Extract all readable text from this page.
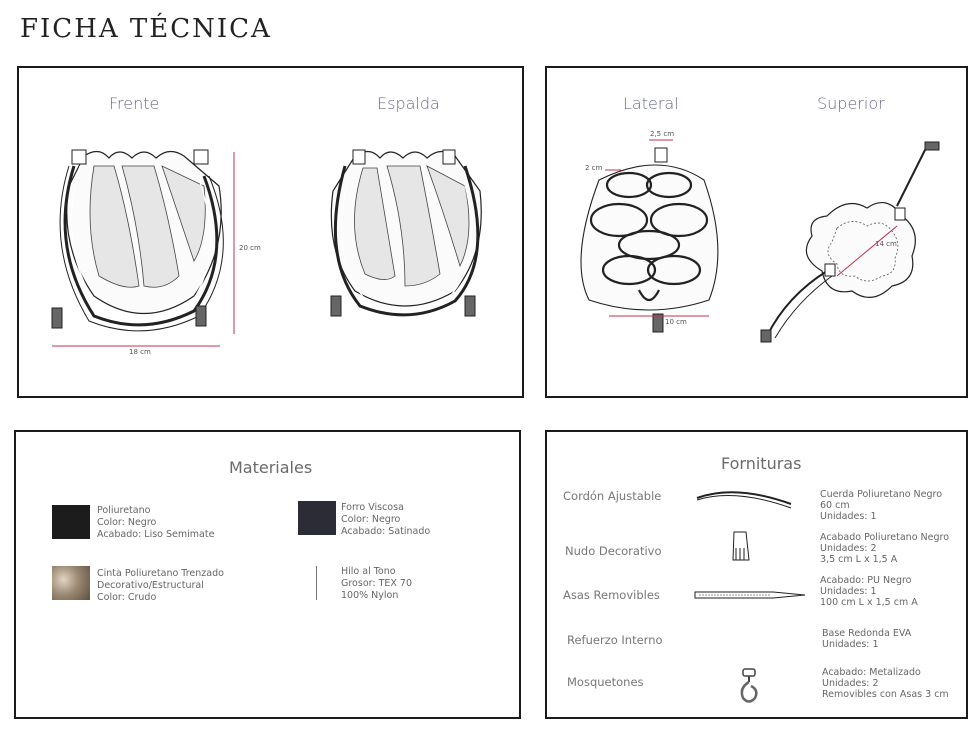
FICHA TÉCNICA
Frente	Espalda
20 cm
18 cm
Lateral	Superior
2,5 cm
2 cm
10 cm
14 cm
Materiales
Poliuretano
Color: Negro
Acabado: Liso Semimate
Forro Viscosa
Color: Negro
Acabado: Satinado
Cinta Poliuretano Trenzado
Decorativo/Estructural
Color: Crudo
Hilo al Tono
Grosor: TEX 70
100% Nylon
Fornituras
Cordón Ajustable	Cuerda Poliuretano Negro
60 cm
Unidades: 1
Nudo Decorativo
Acabado Poliuretano Negro
Unidades: 2
3,5 cm L x 1,5 A
Asas Removibles
Acabado: PU Negro
Unidades: 1
100 cm L x 1,5 cm A
Refuerzo Interno	Base Redonda EVA
Unidades: 1
Mosquetones
Acabado: Metalizado
Unidades: 2
Removibles con Asas 3 cm
